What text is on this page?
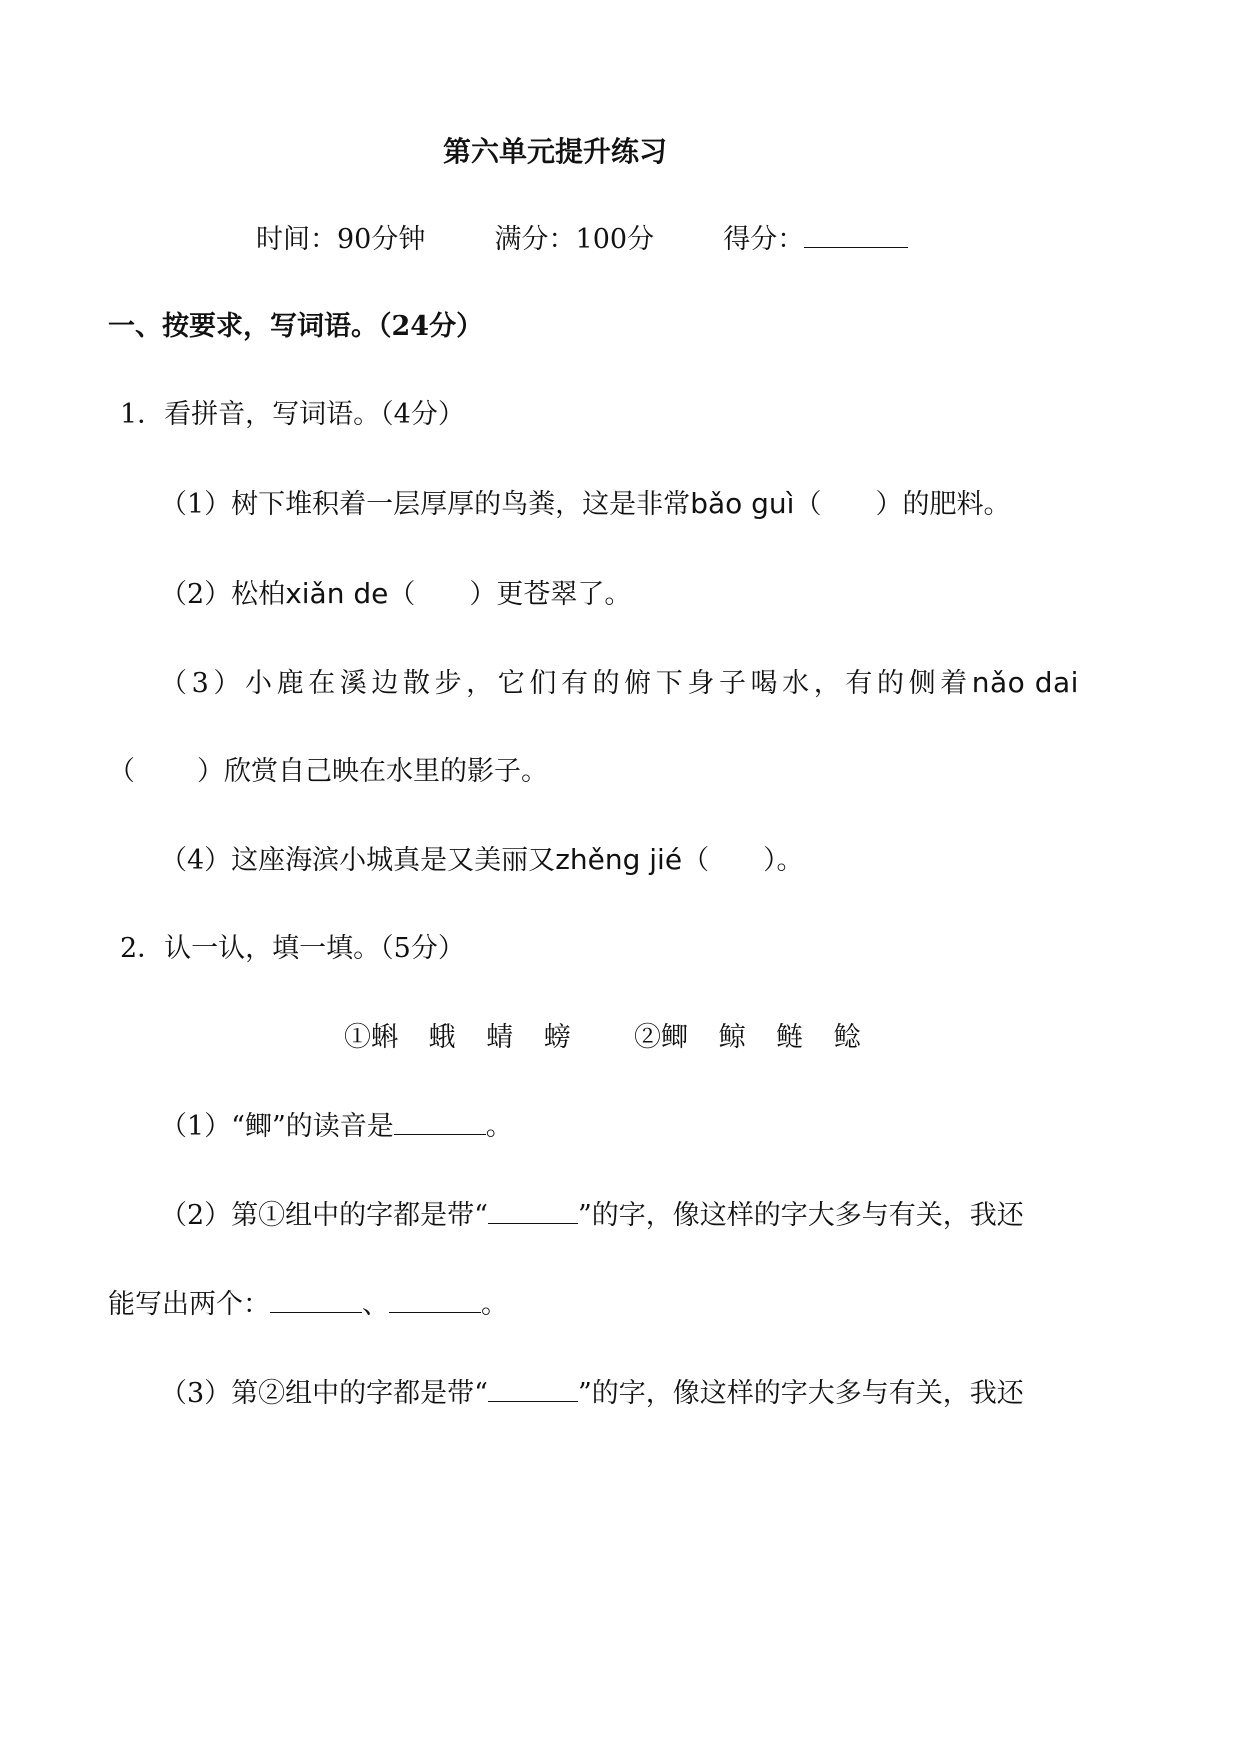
第六单元提升练习
时间：90分钟	满分：100分	得分：
一、按要求，写词语。（24分）
1．看拼音，写词语。（4分）
（1）树下堆积着一层厚厚的鸟粪，这是非常bǎo guì（ ）的肥料。
（2）松柏xiǎn de（ ）更苍翠了。
（3）小鹿在溪边散步，它们有的俯下身子喝水，有的侧着nǎo dai
（ ）欣赏自己映在水里的影子。
（4）这座海滨小城真是又美丽又zhěng jié（ ）。
2．认一认，填一填。（5分）
①蝌 蛾 蜻 螃 ②鲫 鲸 鲢 鲶
（1）“鲫”的读音是	。
（2）第①组中的字都是带“	”的字，像这样的字大多与有关，我还
能写出两个：	、	。
（3）第②组中的字都是带“	”的字，像这样的字大多与有关，我还
